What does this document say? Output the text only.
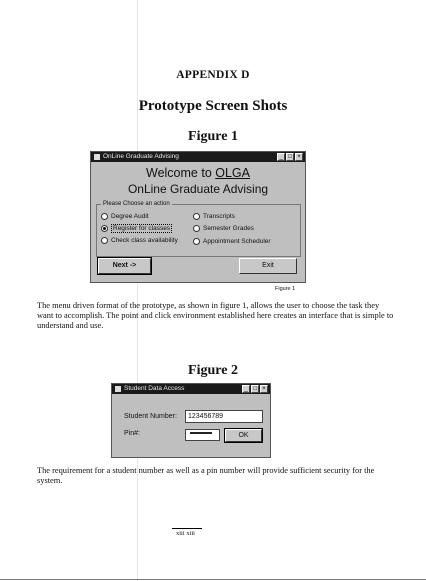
APPENDIX D
Prototype Screen Shots
Figure 1
OnLine Graduate Advising	_ □ ×
Welcome to OLGA
OnLine Graduate Advising
Please Choose an action
Degree Audit
Register for classes
Check class availability
Transcripts
Semester Grades
Appointment Scheduler
Next ->	Exit
Figure 1
The menu driven format of the prototype, as shown in figure 1, allows the user to choose the task they want to accomplish. The point and click environment established here creates an interface that is simple to understand and use.
Figure 2
Student Data Access	_ □ ×
Student Number:	123456789
Pin#:	OK
The requirement for a student number as well as a pin number will provide sufficient security for the system.
xiii xiii
